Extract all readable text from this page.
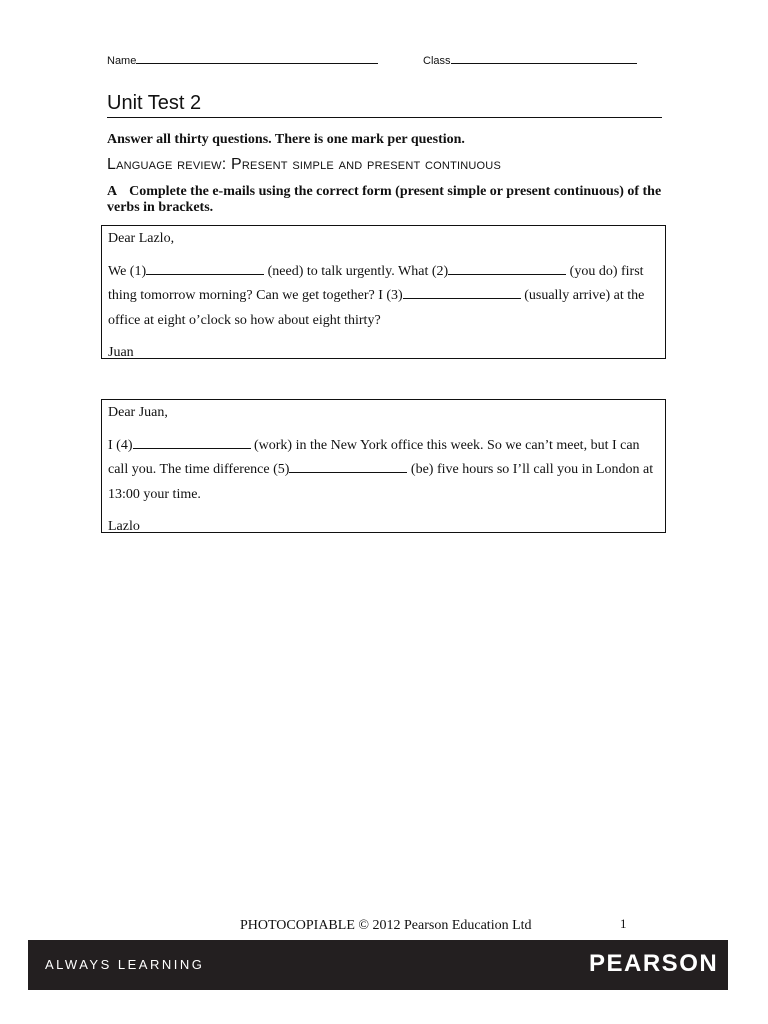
Name	Class
Unit Test 2
Answer all thirty questions. There is one mark per question.
Language review: Present simple and present continuous
A Complete the e-mails using the correct form (present simple or present continuous) of the verbs in brackets.

Dear Lazlo,

We (1)	(need) to talk urgently. What (2)	(you do) first thing tomorrow morning? Can we get together? I (3)	(usually arrive) at the office at eight o’clock so how about eight thirty?

Juan

Dear Juan,

I (4)	(work) in the New York office this week. So we can’t meet, but I can call you. The time difference (5)	(be) five hours so I’ll call you in London at 13:00 your time.

Lazlo

PHOTOCOPIABLE © 2012 Pearson Education Ltd	1
ALWAYS LEARNING	PEARSON
